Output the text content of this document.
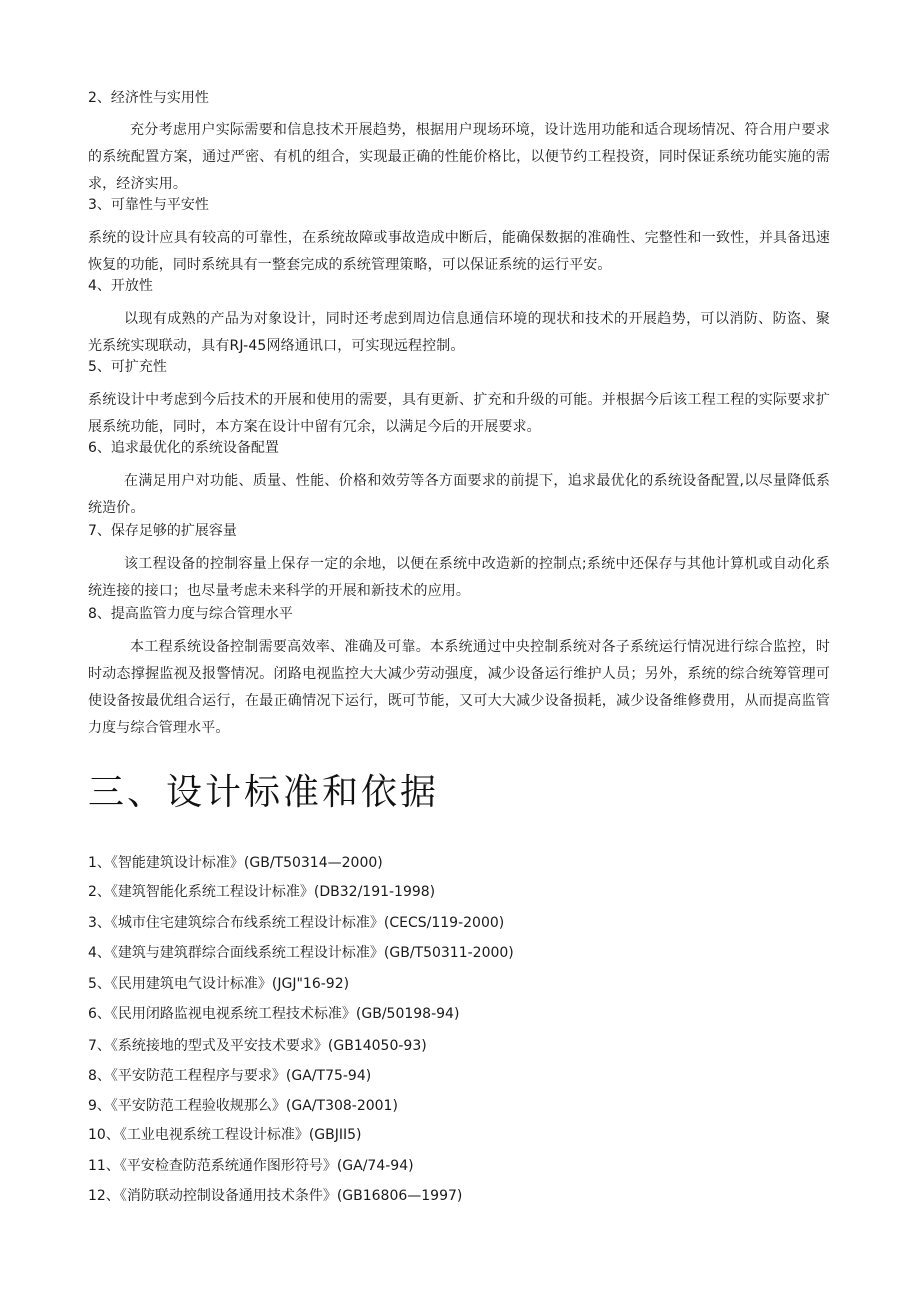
2、经济性与实用性
充分考虑用户实际需要和信息技术开展趋势，根据用户现场环境，设计选用功能和适合现场情况、符合用户要求的系统配置方案，通过严密、有机的组合，实现最正确的性能价格比，以便节约工程投资，同时保证系统功能实施的需求，经济实用。
3、可靠性与平安性
系统的设计应具有较高的可靠性，在系统故障或事故造成中断后，能确保数据的准确性、完整性和一致性，并具备迅速恢复的功能，同时系统具有一整套完成的系统管理策略，可以保证系统的运行平安。
4、开放性
以现有成熟的产品为对象设计，同时还考虑到周边信息通信环境的现状和技术的开展趋势，可以消防、防盗、聚光系统实现联动，具有RJ-45网络通讯口，可实现远程控制。
5、可扩充性
系统设计中考虑到今后技术的开展和使用的需要，具有更新、扩充和升级的可能。并根据今后该工程工程的实际要求扩展系统功能，同时，本方案在设计中留有冗余，以满足今后的开展要求。
6、追求最优化的系统设备配置
在满足用户对功能、质量、性能、价格和效劳等各方面要求的前提下，追求最优化的系统设备配置,以尽量降低系统造价。
7、保存足够的扩展容量
该工程设备的控制容量上保存一定的余地，以便在系统中改造新的控制点;系统中还保存与其他计算机或自动化系统连接的接口；也尽量考虑未来科学的开展和新技术的应用。
8、提高监管力度与综合管理水平
本工程系统设备控制需要高效率、准确及可靠。本系统通过中央控制系统对各子系统运行情况进行综合监控，时时动态撑握监视及报警情况。闭路电视监控大大减少劳动强度，减少设备运行维护人员；另外，系统的综合统筹管理可使设备按最优组合运行，在最正确情况下运行，既可节能，又可大大减少设备损耗，减少设备维修费用，从而提高监管力度与综合管理水平。
三、设计标准和依据
1、《智能建筑设计标准》(GB/T50314—2000)
2、《建筑智能化系统工程设计标准》(DB32/191-1998)
3、《城市住宅建筑综合布线系统工程设计标准》(CECS/119-2000)
4、《建筑与建筑群综合面线系统工程设计标准》(GB/T50311-2000)
5、《民用建筑电气设计标准》(JGJ"16-92)
6、《民用闭路监视电视系统工程技术标准》(GB/50198-94)
7、《系统接地的型式及平安技术要求》(GB14050-93)
8、《平安防范工程程序与要求》(GA/T75-94)
9、《平安防范工程验收规那么》(GA/T308-2001)
10、《工业电视系统工程设计标准》(GBJII5)
11、《平安检查防范系统通作图形符号》(GA/74-94)
12、《消防联动控制设备通用技术条件》(GB16806—1997)
